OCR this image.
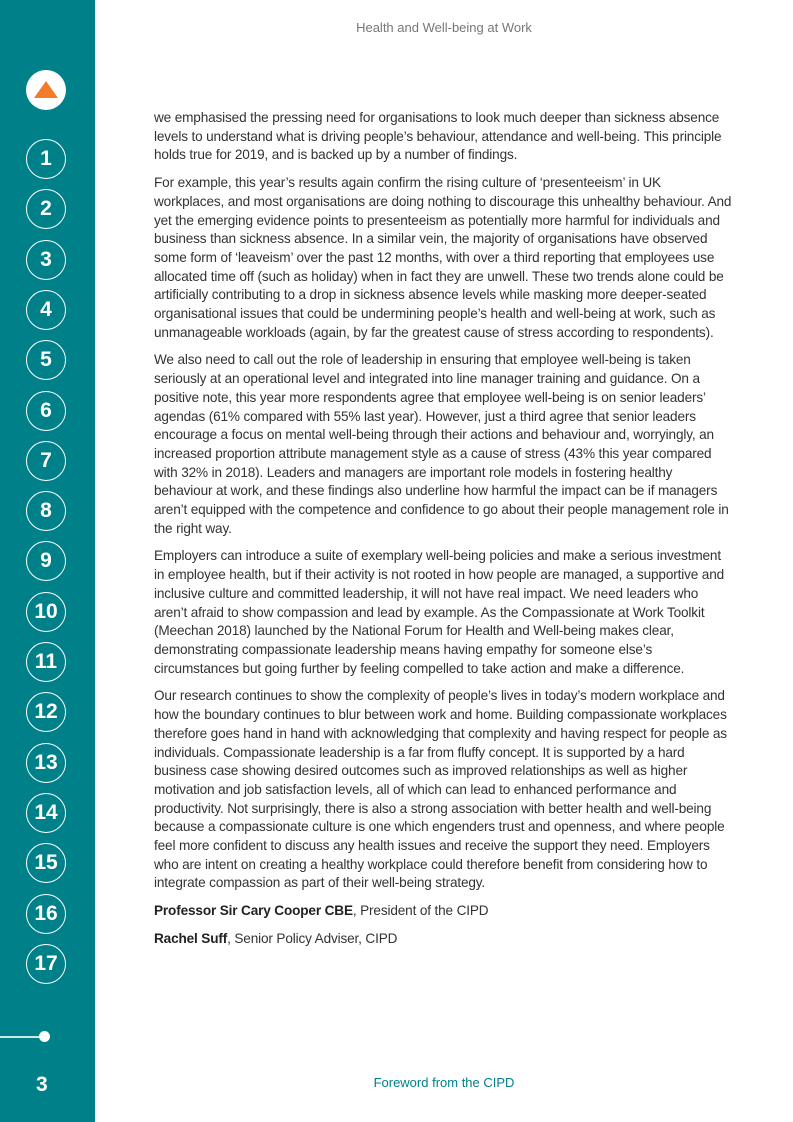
1
2
3
4
5
6
7
8
9
10
11
12
13
14
15
16
17
3
Health and Well-being at Work

we emphasised the pressing need for organisations to look much deeper than sickness absence levels to understand what is driving people’s behaviour, attendance and well-being. This principle holds true for 2019, and is backed up by a number of findings.

For example, this year’s results again confirm the rising culture of ‘presenteeism’ in UK workplaces, and most organisations are doing nothing to discourage this unhealthy behaviour. And yet the emerging evidence points to presenteeism as potentially more harmful for individuals and business than sickness absence. In a similar vein, the majority of organisations have observed some form of ‘leaveism’ over the past 12 months, with over a third reporting that employees use allocated time off (such as holiday) when in fact they are unwell. These two trends alone could be artificially contributing to a drop in sickness absence levels while masking more deeper-seated organisational issues that could be undermining people’s health and well-being at work, such as unmanageable workloads (again, by far the greatest cause of stress according to respondents).

We also need to call out the role of leadership in ensuring that employee well-being is taken seriously at an operational level and integrated into line manager training and guidance. On a positive note, this year more respondents agree that employee well-being is on senior leaders’ agendas (61% compared with 55% last year). However, just a third agree that senior leaders encourage a focus on mental well-being through their actions and behaviour and, worryingly, an increased proportion attribute management style as a cause of stress (43% this year compared with 32% in 2018). Leaders and managers are important role models in fostering healthy behaviour at work, and these findings also underline how harmful the impact can be if managers aren’t equipped with the competence and confidence to go about their people management role in the right way.

Employers can introduce a suite of exemplary well-being policies and make a serious investment in employee health, but if their activity is not rooted in how people are managed, a supportive and inclusive culture and committed leadership, it will not have real impact. We need leaders who aren’t afraid to show compassion and lead by example. As the Compassionate at Work Toolkit (Meechan 2018) launched by the National Forum for Health and Well-being makes clear, demonstrating compassionate leadership means having empathy for someone else’s circumstances but going further by feeling compelled to take action and make a difference.

Our research continues to show the complexity of people’s lives in today’s modern workplace and how the boundary continues to blur between work and home. Building compassionate workplaces therefore goes hand in hand with acknowledging that complexity and having respect for people as individuals. Compassionate leadership is a far from fluffy concept. It is supported by a hard business case showing desired outcomes such as improved relationships as well as higher motivation and job satisfaction levels, all of which can lead to enhanced performance and productivity. Not surprisingly, there is also a strong association with better health and well-being because a compassionate culture is one which engenders trust and openness, and where people feel more confident to discuss any health issues and receive the support they need. Employers who are intent on creating a healthy workplace could therefore benefit from considering how to integrate compassion as part of their well-being strategy.

Professor Sir Cary Cooper CBE, President of the CIPD

Rachel Suff, Senior Policy Adviser, CIPD

Foreword from the CIPD
